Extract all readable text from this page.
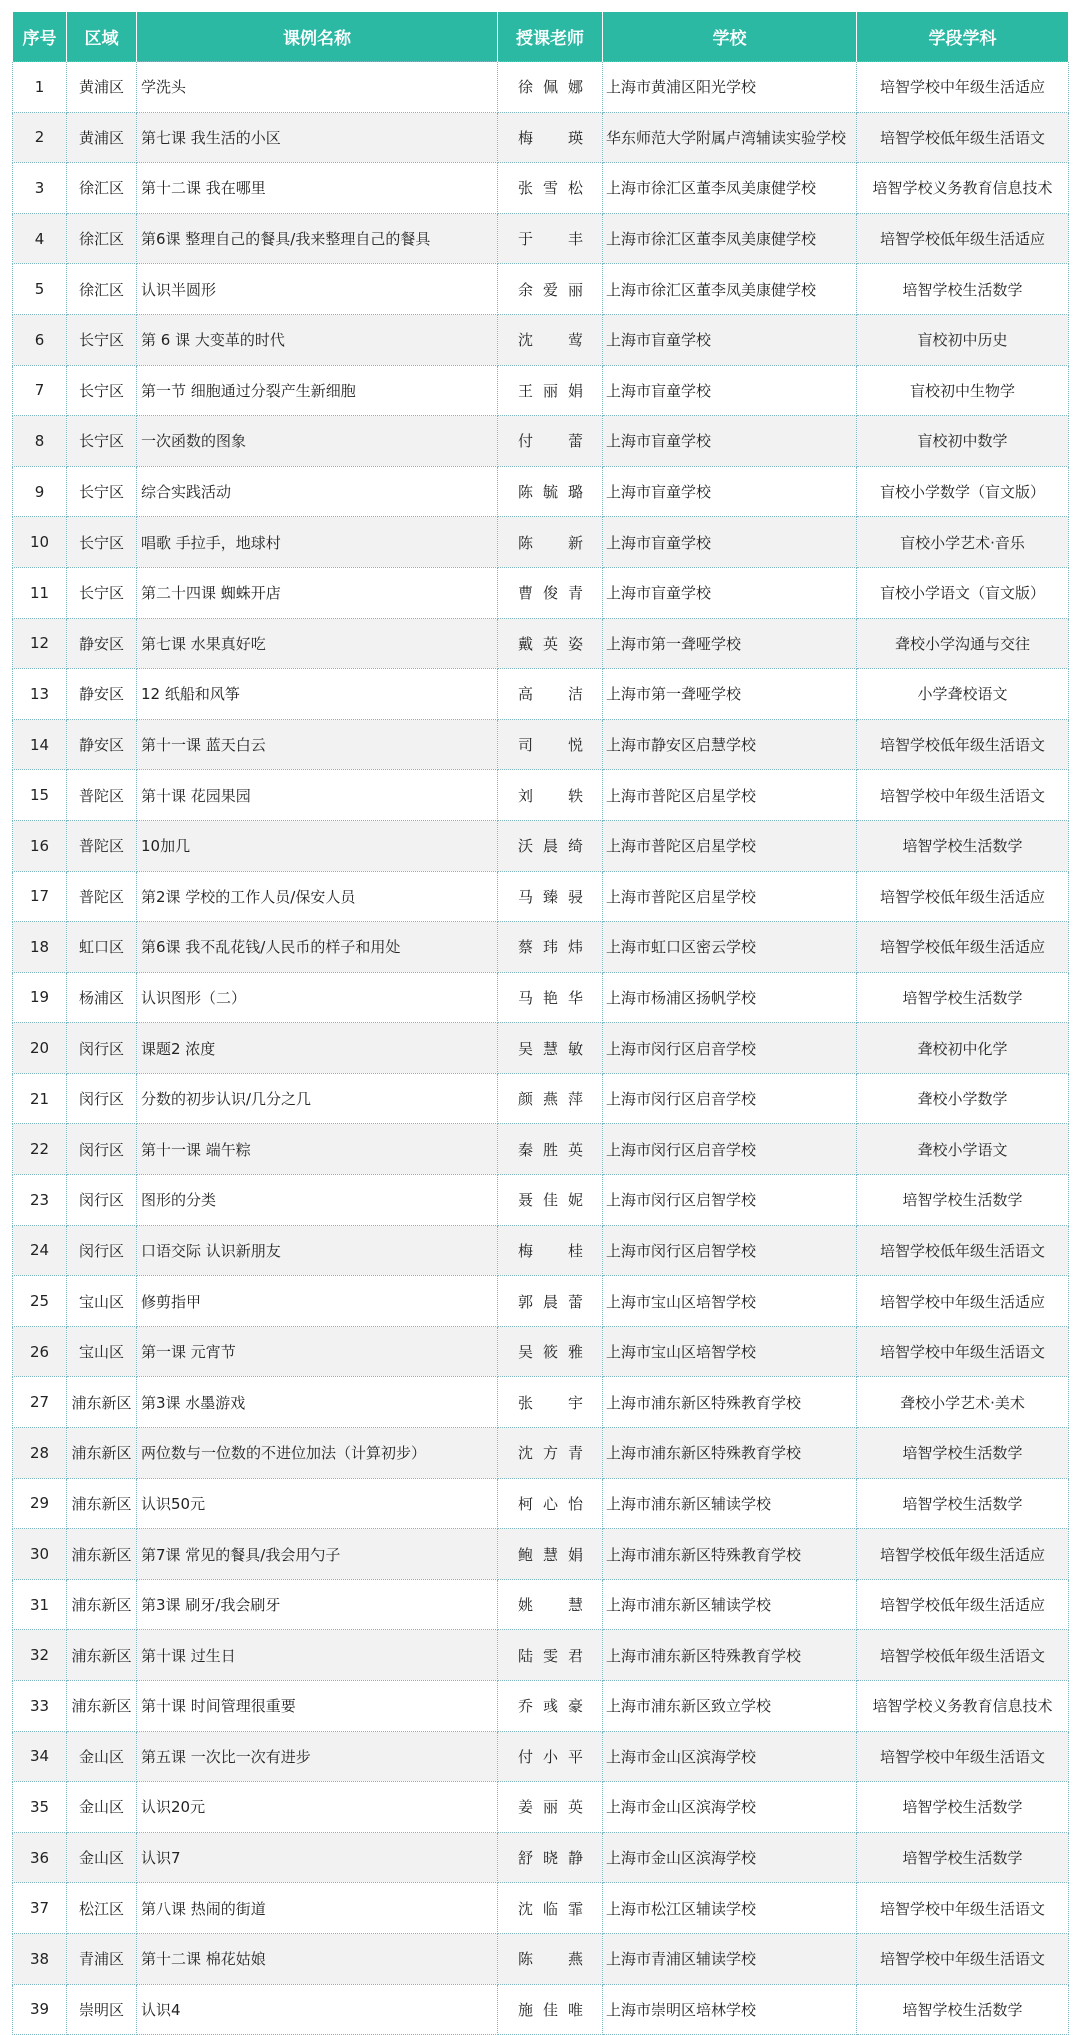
序号	区域	课例名称	授课老师	学校	学段学科
1	黄浦区	学洗头	徐佩娜	上海市黄浦区阳光学校	培智学校中年级生活适应
2	黄浦区	第七课 我生活的小区	梅 瑛	华东师范大学附属卢湾辅读实验学校	培智学校低年级生活语文
3	徐汇区	第十二课 我在哪里	张雪松	上海市徐汇区董李凤美康健学校	培智学校义务教育信息技术
4	徐汇区	第6课 整理自己的餐具/我来整理自己的餐具	于 丰	上海市徐汇区董李凤美康健学校	培智学校低年级生活适应
5	徐汇区	认识半圆形	余爱丽	上海市徐汇区董李凤美康健学校	培智学校生活数学
6	长宁区	第 6 课 大变革的时代	沈 莺	上海市盲童学校	盲校初中历史
7	长宁区	第一节 细胞通过分裂产生新细胞	王丽娟	上海市盲童学校	盲校初中生物学
8	长宁区	一次函数的图象	付 蕾	上海市盲童学校	盲校初中数学
9	长宁区	综合实践活动	陈毓璐	上海市盲童学校	盲校小学数学（盲文版）
10	长宁区	唱歌 手拉手，地球村	陈 新	上海市盲童学校	盲校小学艺术·音乐
11	长宁区	第二十四课 蜘蛛开店	曹俊青	上海市盲童学校	盲校小学语文（盲文版）
12	静安区	第七课 水果真好吃	戴英姿	上海市第一聋哑学校	聋校小学沟通与交往
13	静安区	12 纸船和风筝	高 洁	上海市第一聋哑学校	小学聋校语文
14	静安区	第十一课 蓝天白云	司 悦	上海市静安区启慧学校	培智学校低年级生活语文
15	普陀区	第十课 花园果园	刘 轶	上海市普陀区启星学校	培智学校中年级生活语文
16	普陀区	10加几	沃晨绮	上海市普陀区启星学校	培智学校生活数学
17	普陀区	第2课 学校的工作人员/保安人员	马臻骎	上海市普陀区启星学校	培智学校低年级生活适应
18	虹口区	第6课 我不乱花钱/人民币的样子和用处	蔡玮炜	上海市虹口区密云学校	培智学校低年级生活适应
19	杨浦区	认识图形（二）	马艳华	上海市杨浦区扬帆学校	培智学校生活数学
20	闵行区	课题2 浓度	吴慧敏	上海市闵行区启音学校	聋校初中化学
21	闵行区	分数的初步认识/几分之几	颜燕萍	上海市闵行区启音学校	聋校小学数学
22	闵行区	第十一课 端午粽	秦胜英	上海市闵行区启音学校	聋校小学语文
23	闵行区	图形的分类	聂佳妮	上海市闵行区启智学校	培智学校生活数学
24	闵行区	口语交际 认识新朋友	梅 桂	上海市闵行区启智学校	培智学校低年级生活语文
25	宝山区	修剪指甲	郭晨蕾	上海市宝山区培智学校	培智学校中年级生活适应
26	宝山区	第一课 元宵节	吴筱雅	上海市宝山区培智学校	培智学校中年级生活语文
27	浦东新区	第3课 水墨游戏	张 宇	上海市浦东新区特殊教育学校	聋校小学艺术·美术
28	浦东新区	两位数与一位数的不进位加法（计算初步）	沈方青	上海市浦东新区特殊教育学校	培智学校生活数学
29	浦东新区	认识50元	柯心怡	上海市浦东新区辅读学校	培智学校生活数学
30	浦东新区	第7课 常见的餐具/我会用勺子	鲍慧娟	上海市浦东新区特殊教育学校	培智学校低年级生活适应
31	浦东新区	第3课 刷牙/我会刷牙	姚 慧	上海市浦东新区辅读学校	培智学校低年级生活适应
32	浦东新区	第十课 过生日	陆雯君	上海市浦东新区特殊教育学校	培智学校低年级生活语文
33	浦东新区	第十课 时间管理很重要	乔彧豪	上海市浦东新区致立学校	培智学校义务教育信息技术
34	金山区	第五课 一次比一次有进步	付小平	上海市金山区滨海学校	培智学校中年级生活语文
35	金山区	认识20元	姜丽英	上海市金山区滨海学校	培智学校生活数学
36	金山区	认识7	舒晓静	上海市金山区滨海学校	培智学校生活数学
37	松江区	第八课 热闹的街道	沈临霏	上海市松江区辅读学校	培智学校中年级生活语文
38	青浦区	第十二课 棉花姑娘	陈 燕	上海市青浦区辅读学校	培智学校中年级生活语文
39	崇明区	认识4	施佳唯	上海市崇明区培林学校	培智学校生活数学
